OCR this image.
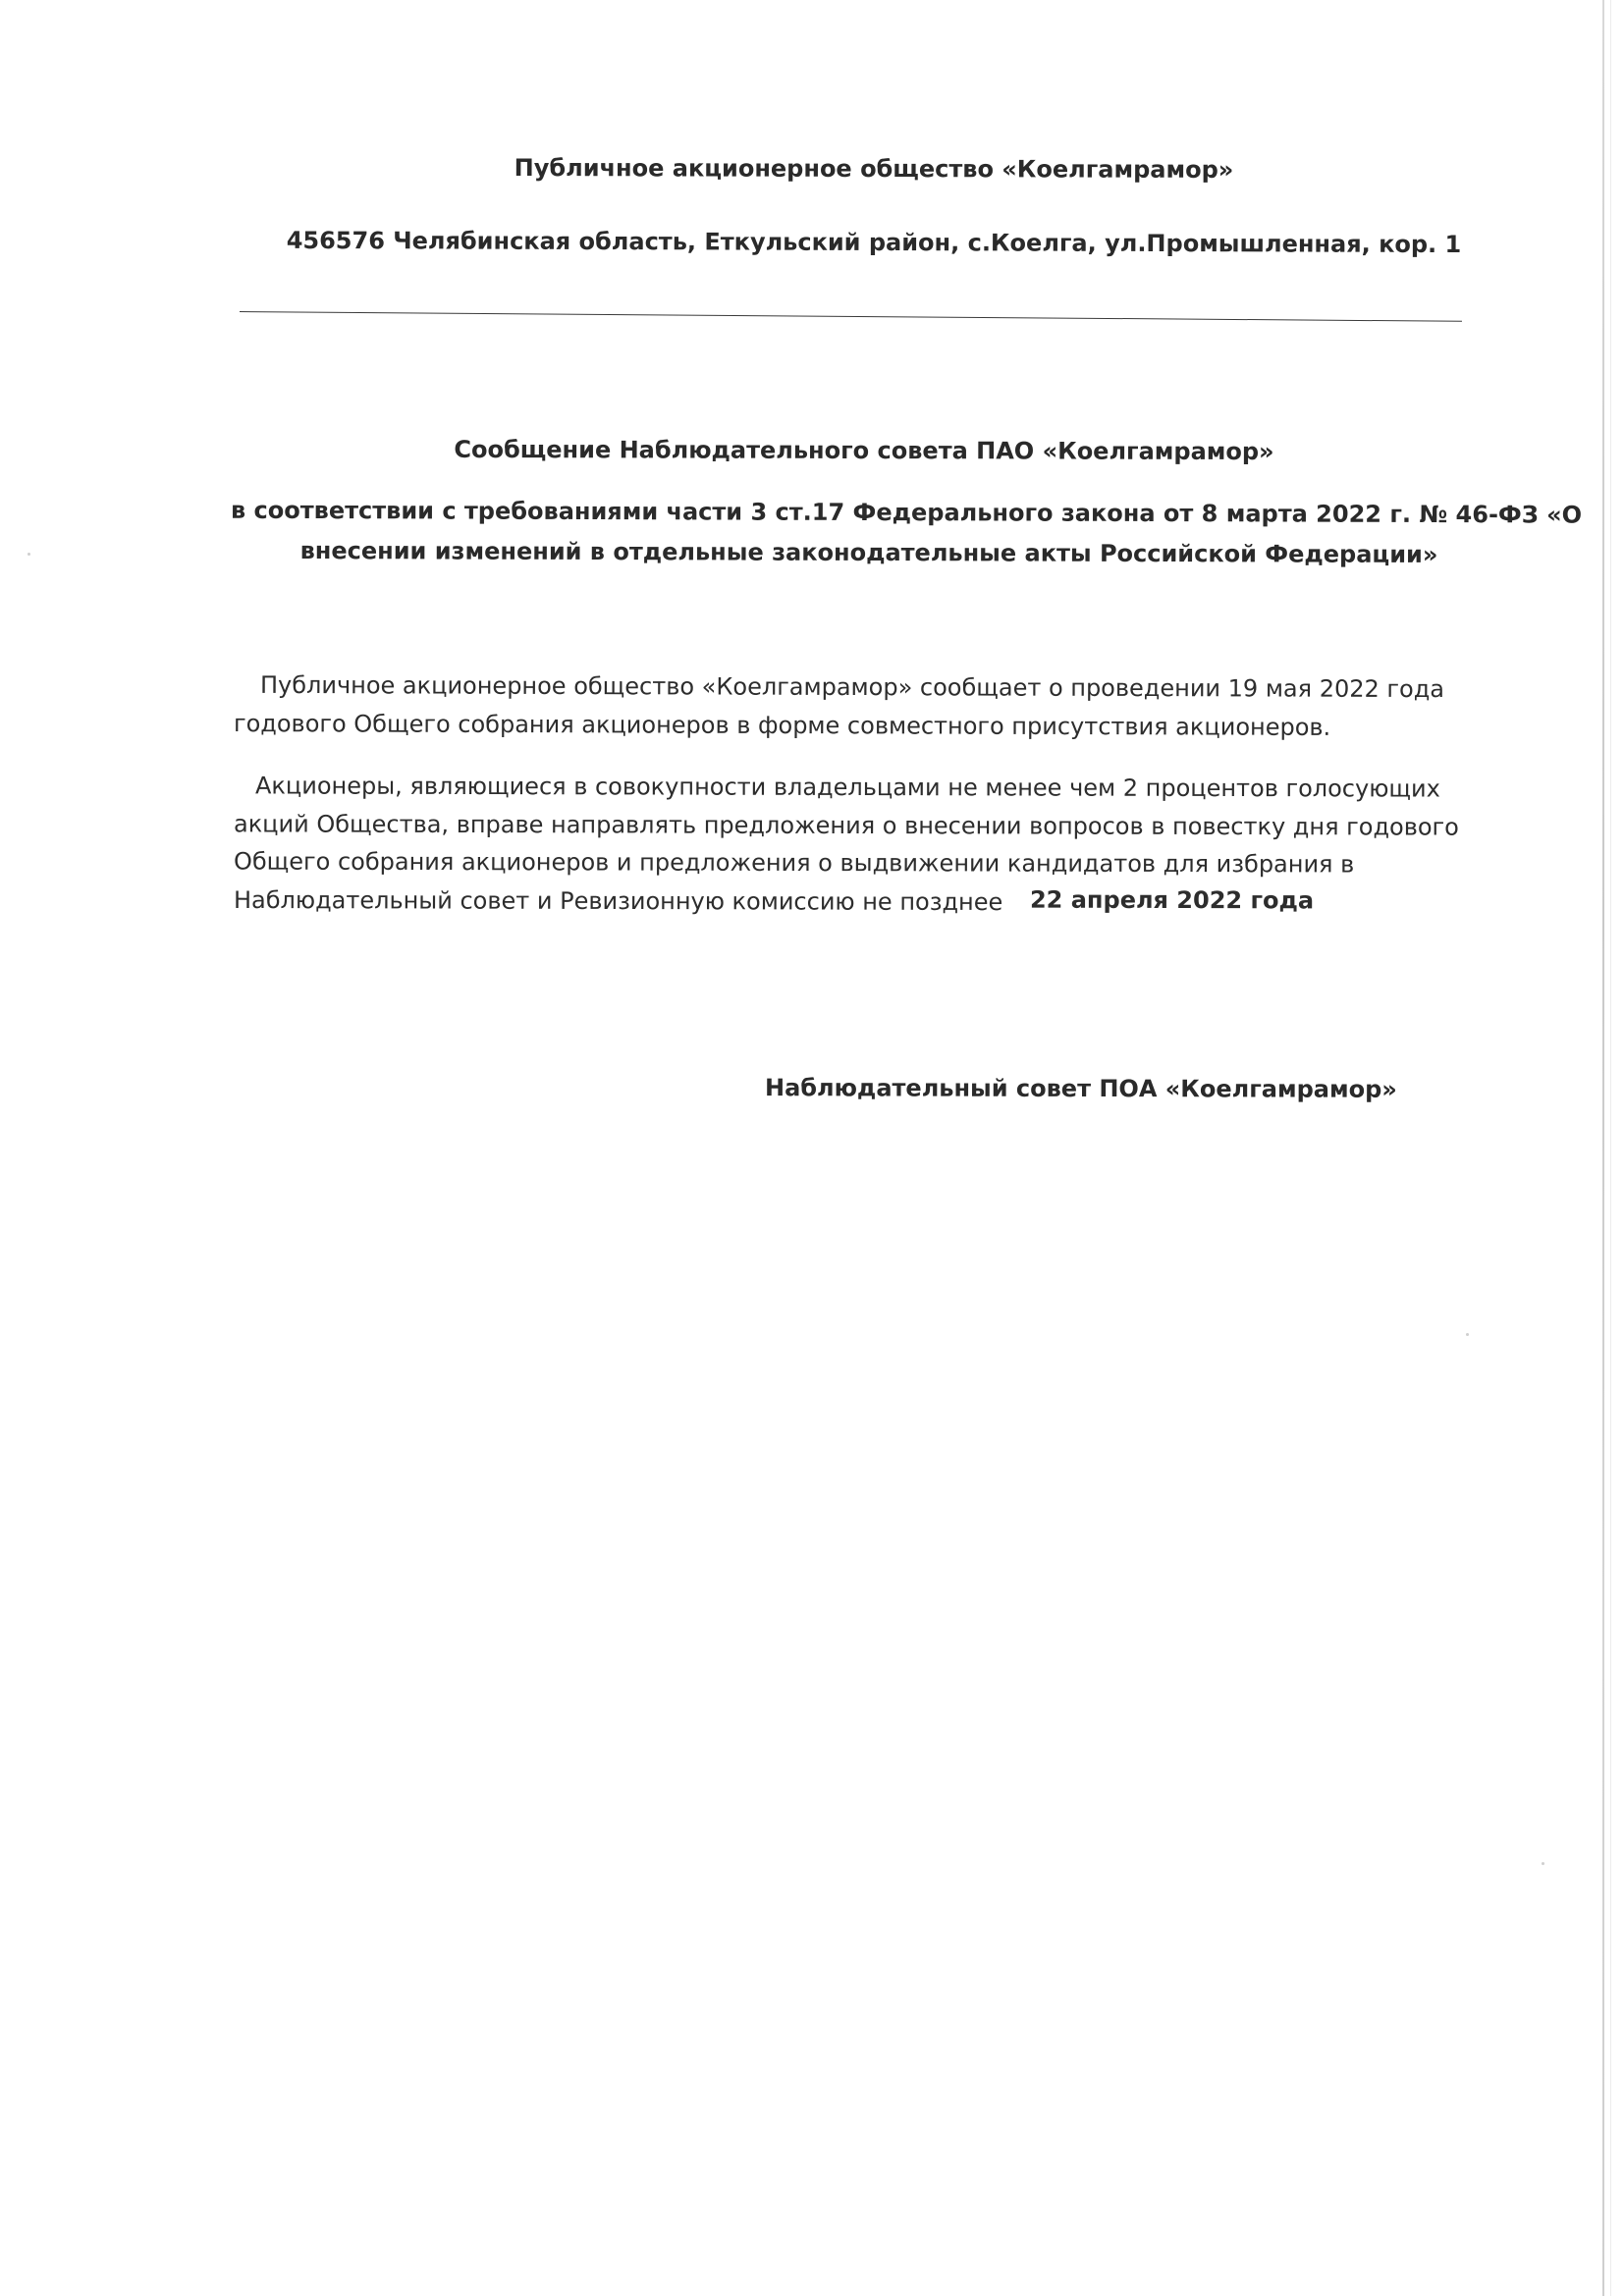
Публичное акционерное общество «Коелгамрамор»

456576 Челябинская область, Еткульский район, с.Коелга, ул.Промышленная, кор. 1

Сообщение Наблюдательного совета ПАО «Коелгамрамор»

в соответствии с требованиями части 3 ст.17 Федерального закона от 8 марта 2022 г. № 46-ФЗ «О

внесении изменений в отдельные законодательные акты Российской Федерации»

Публичное акционерное общество «Коелгамрамор» сообщает о проведении 19 мая 2022 года

годового Общего собрания акционеров в форме совместного присутствия акционеров.

Акционеры, являющиеся в совокупности владельцами не менее чем 2 процентов голосующих

акций Общества, вправе направлять предложения о внесении вопросов в повестку дня годового

Общего собрания акционеров и предложения о выдвижении кандидатов для избрания в

Наблюдательный совет и Ревизионную комиссию не позднее 22 апреля 2022 года

Наблюдательный совет ПОА «Коелгамрамор»
